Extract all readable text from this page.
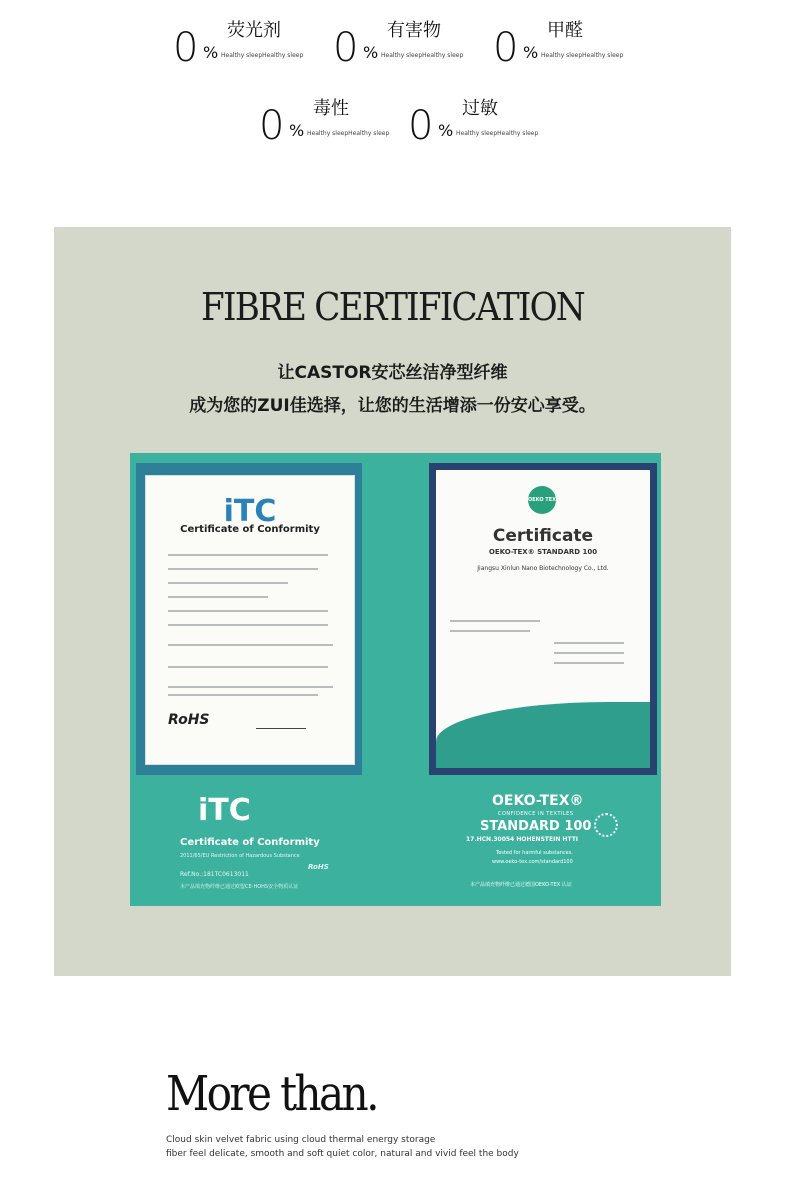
0 %
荧光剂
Healthy sleepHealthy sleep 0 %
有害物
Healthy sleepHealthy sleep 0 %
甲醛
Healthy sleepHealthy sleep
0 %
毒性
Healthy sleepHealthy sleep 0 %
过敏
Healthy sleepHealthy sleep
FIBRE CERTIFICATION
让CASTOR安芯丝洁净型纤维
成为您的ZUI佳选择，让您的生活增添一份安心享受。
iTC
Certificate of Conformity
RoHS
OEKO TEX
Certificate
OEKO-TEX® STANDARD 100
Jiangsu Xinlun Nano Biotechnology Co., Ltd.
iTC
Certificate of Conformity
2011/65/EU Restriction of Hazardous Substance
RoHS
Ref.No.:181TC0613011
本产品填充物纤维已通过欧盟CE-HOHS安全物质认证
OEKO-TEX®
CONFIDENCE IN TEXTILES
STANDARD 100
17.HCN.30054 HOHENSTEIN HTTI
Tested for harmful substances.
www.oeko-tex.com/standard100
本产品填充物纤维已通过德国OEKO-TEX 认证
More than.
Cloud skin velvet fabric using cloud thermal energy storage
fiber feel delicate, smooth and soft quiet color, natural and vivid feel the body
